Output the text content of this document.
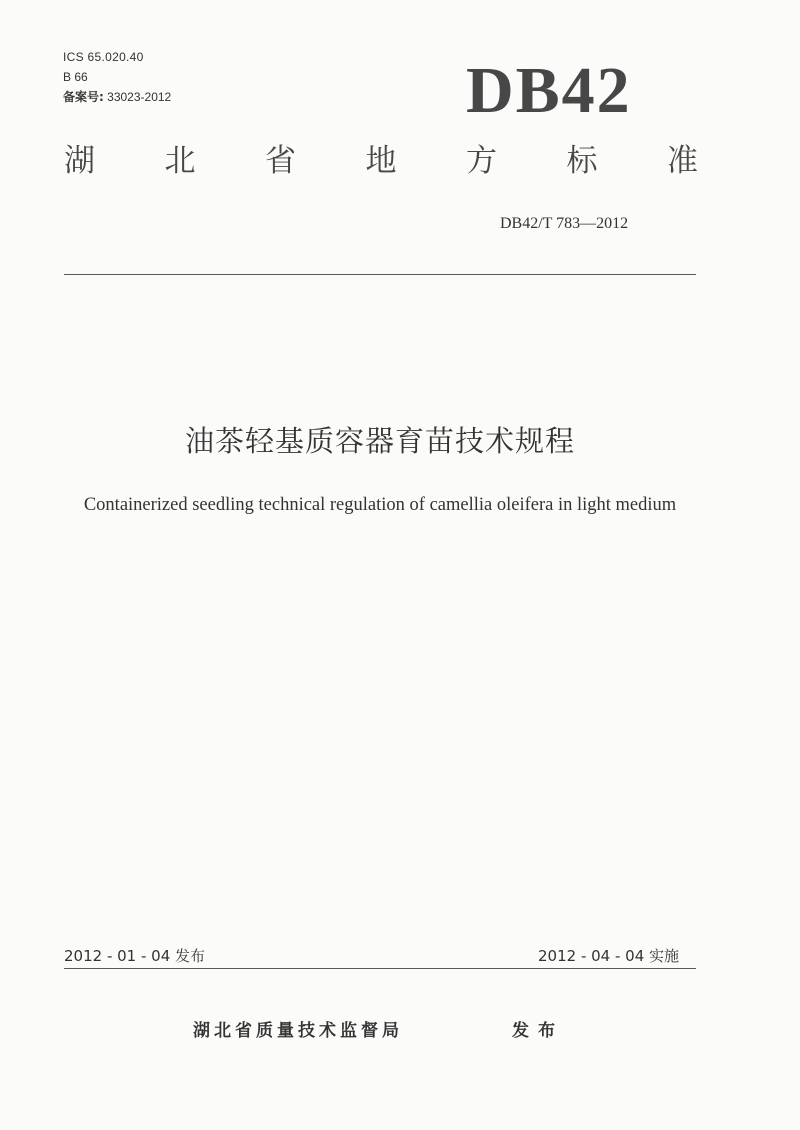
ICS 65.020.40
B 66
备案号: 33023-2012	DB42
湖 北 省 地 方 标 准
DB42/T 783—2012
油茶轻基质容器育苗技术规程
Containerized seedling technical regulation of camellia oleifera in light medium
2012 - 01 - 04 发布	2012 - 04 - 04 实施
湖北省质量技术监督局	发布
